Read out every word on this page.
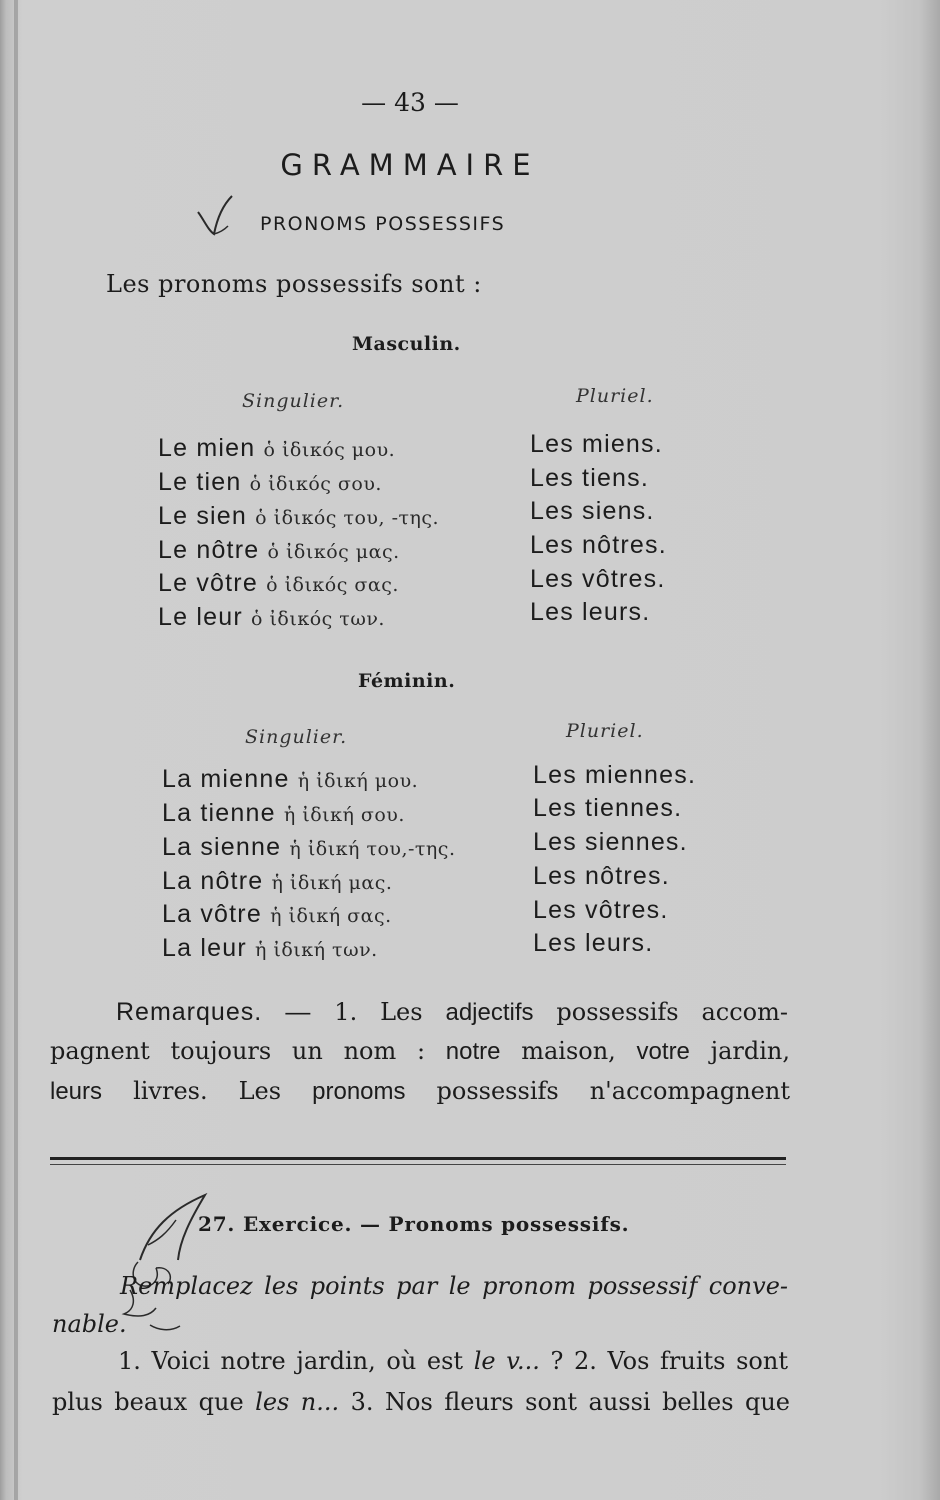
— 43 —
GRAMMAIRE
PRONOMS POSSESSIFS
Les pronoms possessifs sont :
Masculin.
Singulier.	Pluriel.
Le mien ὁ ἰδικός μου.	Les miens.
Le tien ὁ ἰδικός σου.	Les tiens.
Le sien ὁ ἰδικός του, -της.	Les siens.
Le nôtre ὁ ἰδικός μας.	Les nôtres.
Le vôtre ὁ ἰδικός σας.	Les vôtres.
Le leur ὁ ἰδικός των.	Les leurs.
Féminin.
Singulier.	Pluriel.
La mienne ἡ ἰδική μου.	Les miennes.
La tienne ἡ ἰδική σου.	Les tiennes.
La sienne ἡ ἰδική του,-της.	Les siennes.
La nôtre ἡ ἰδική μας.	Les nôtres.
La vôtre ἡ ἰδική σας.	Les vôtres.
La leur ἡ ἰδική των.	Les leurs.
Remarques. — 1. Les adjectifs possessifs accom-
pagnent toujours un nom : notre maison, votre jardin,
leurs livres. Les pronoms possessifs n'accompagnent
27. Exercice. — Pronoms possessifs.
Remplacez les points par le pronom possessif conve-
nable.
1. Voici notre jardin, où est le v... ? 2. Vos fruits sont
plus beaux que les n... 3. Nos fleurs sont aussi belles que
